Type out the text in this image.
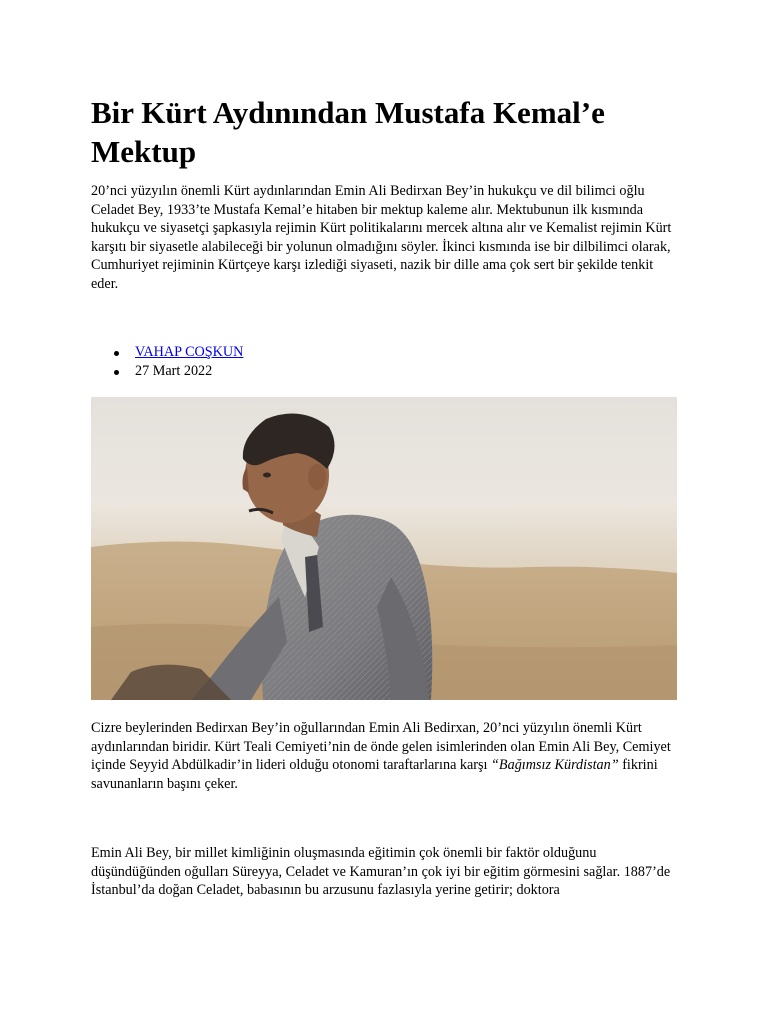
Bir Kürt Aydınından Mustafa Kemal’e Mektup

20’nci yüzyılın önemli Kürt aydınlarından Emin Ali Bedirxan Bey’in hukukçu ve dil bilimci oğlu Celadet Bey, 1933’te Mustafa Kemal’e hitaben bir mektup kaleme alır. Mektubunun ilk kısmında hukukçu ve siyasetçi şapkasıyla rejimin Kürt politikalarını mercek altına alır ve Kemalist rejimin Kürt karşıtı bir siyasetle alabileceği bir yolunun olmadığını söyler. İkinci kısmında ise bir dilbilimci olarak, Cumhuriyet rejiminin Kürtçeye karşı izlediği siyaseti, nazik bir dille ama çok sert bir şekilde tenkit eder.

VAHAP COŞKUN
27 Mart 2022

Cizre beylerinden Bedirxan Bey’in oğullarından Emin Ali Bedirxan, 20’nci yüzyılın önemli Kürt aydınlarından biridir. Kürt Teali Cemiyeti’nin de önde gelen isimlerinden olan Emin Ali Bey, Cemiyet içinde Seyyid Abdülkadir’in lideri olduğu otonomi taraftarlarına karşı “Bağımsız Kürdistan” fikrini savunanların başını çeker.

Emin Ali Bey, bir millet kimliğinin oluşmasında eğitimin çok önemli bir faktör olduğunu düşündüğünden oğulları Süreyya, Celadet ve Kamuran’ın çok iyi bir eğitim görmesini sağlar. 1887’de İstanbul’da doğan Celadet, babasının bu arzusunu fazlasıyla yerine getirir; doktora
